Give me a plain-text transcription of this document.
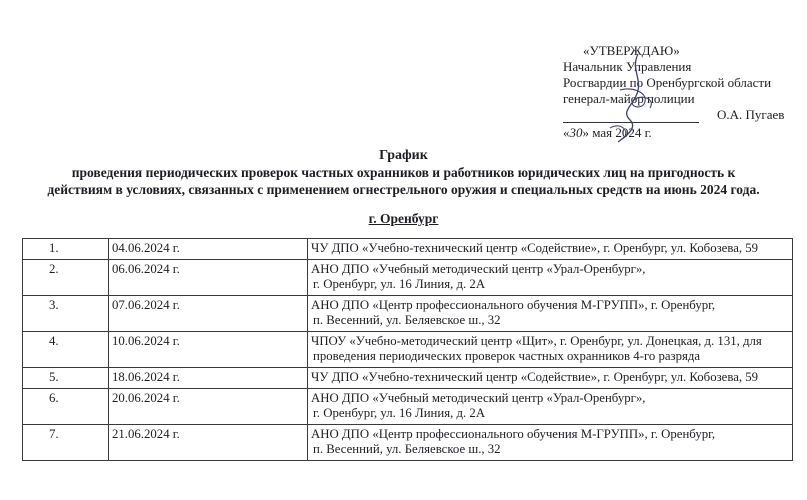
«УТВЕРЖДАЮ»
Начальник Управления
Росгвардии по Оренбургской области
генерал-майор полиции
О.А. Пугаев
«30» мая 2024 г.
График
проведения периодических проверок частных охранников и работников юридических лиц на пригодность к
действиям в условиях, связанных с применением огнестрельного оружия и специальных средств на июнь 2024 года.
г. Оренбург
1.	04.06.2024 г.	ЧУ ДПО «Учебно-технический центр «Содействие», г. Оренбург, ул. Кобозева, 59

2.	06.06.2024 г.	АНО ДПО «Учебный методический центр «Урал-Оренбург»,
г. Оренбург, ул. 16 Линия, д. 2А

3.	07.06.2024 г.	АНО ДПО «Центр профессионального обучения М-ГРУПП», г. Оренбург,
п. Весенний, ул. Беляевское ш., 32

4.	10.06.2024 г.	ЧПОУ «Учебно-методический центр «Щит», г. Оренбург, ул. Донецкая, д. 131, для
проведения периодических проверок частных охранников 4-го разряда

5.	18.06.2024 г.	ЧУ ДПО «Учебно-технический центр «Содействие», г. Оренбург, ул. Кобозева, 59

6.	20.06.2024 г.	АНО ДПО «Учебный методический центр «Урал-Оренбург»,
г. Оренбург, ул. 16 Линия, д. 2А

7.	21.06.2024 г.	АНО ДПО «Центр профессионального обучения М-ГРУПП», г. Оренбург,
п. Весенний, ул. Беляевское ш., 32
